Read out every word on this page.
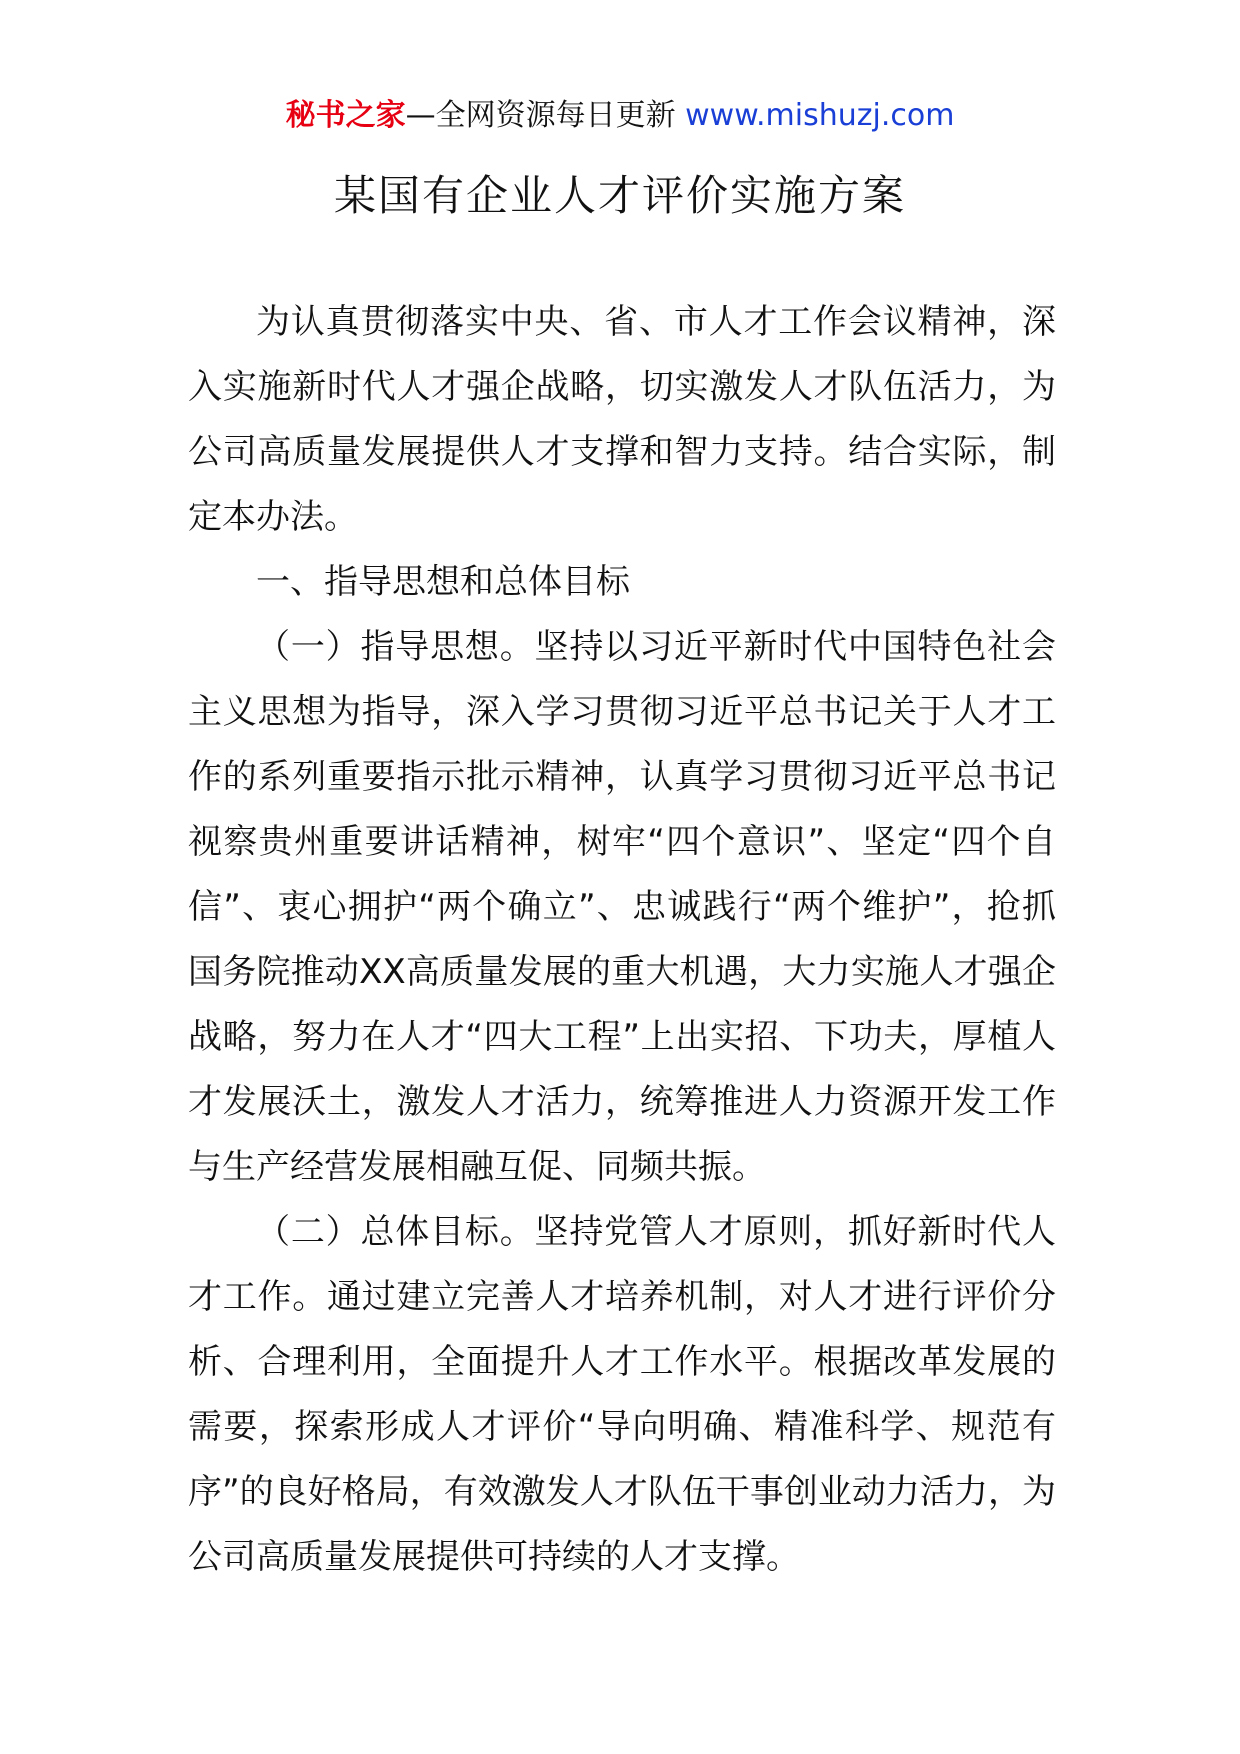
秘书之家—全网资源每日更新 www.mishuzj.com
某国有企业人才评价实施方案

为认真贯彻落实中央、省、市人才工作会议精神，深入实施新时代人才强企战略，切实激发人才队伍活力，为公司高质量发展提供人才支撑和智力支持。结合实际，制定本办法。

一、指导思想和总体目标

（一）指导思想。坚持以习近平新时代中国特色社会主义思想为指导，深入学习贯彻习近平总书记关于人才工作的系列重要指示批示精神，认真学习贯彻习近平总书记视察贵州重要讲话精神，树牢“四个意识”、坚定“四个自信”、衷心拥护“两个确立”、忠诚践行“两个维护”，抢抓国务院推动XX高质量发展的重大机遇，大力实施人才强企战略，努力在人才“四大工程”上出实招、下功夫，厚植人才发展沃土，激发人才活力，统筹推进人力资源开发工作与生产经营发展相融互促、同频共振。

（二）总体目标。坚持党管人才原则，抓好新时代人才工作。通过建立完善人才培养机制，对人才进行评价分析、合理利用，全面提升人才工作水平。根据改革发展的需要，探索形成人才评价“导向明确、精准科学、规范有序”的良好格局，有效激发人才队伍干事创业动力活力，为公司高质量发展提供可持续的人才支撑。
